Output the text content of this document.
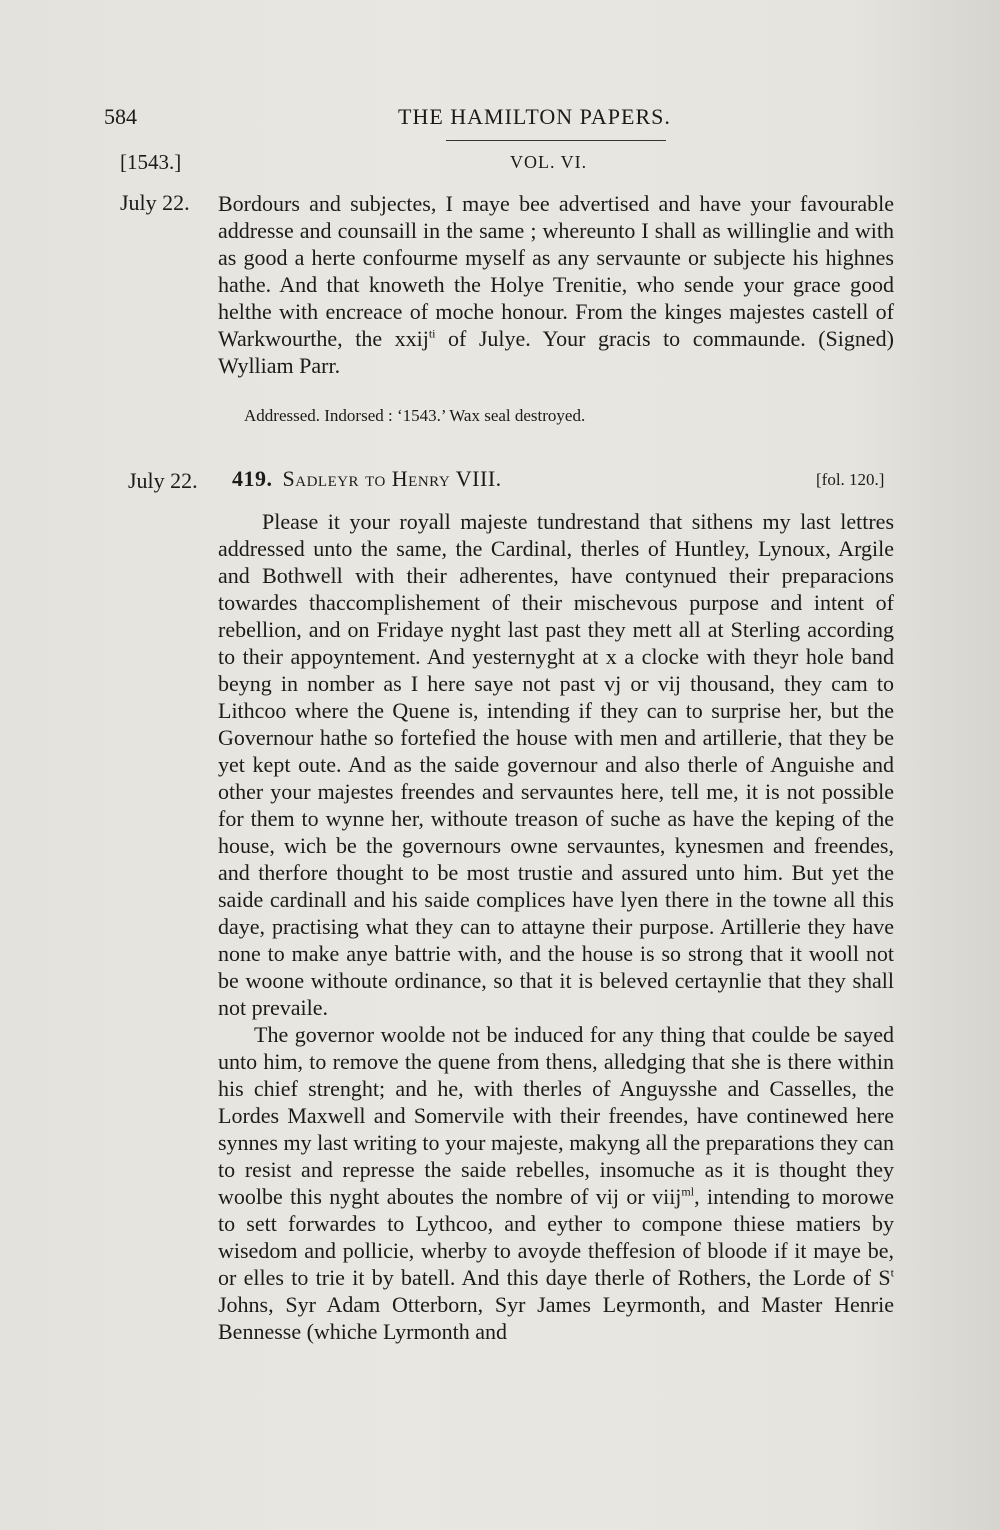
584	THE HAMILTON PAPERS.
[1543.]	VOL. VI.
July 22. Bordours and subjectes, I maye bee advertised and have your favourable addresse and counsaill in the same ; whereunto I shall as willinglie and with as good a herte confourme myself as any servaunte or subjecte his highnes hathe. And that knoweth the Holye Trenitie, who sende your grace good helthe with encreace of moche honour. From the kinges majestes castell of Warkwourthe, the xxij$^{ti}$ of Julye. Your gracis to commaunde. (Signed) Wylliam Parr.

Addressed. Indorsed : ‘1543.’ Wax seal destroyed.
July 22. 419. Sadleyr to Henry VIII.	[fol. 120.]

Please it your royall majeste tundrestand that sithens my last lettres addressed unto the same, the Cardinal, therles of Huntley, Lynoux, Argile and Bothwell with their adherentes, have contynued their preparacions towardes thaccomplishement of their mischevous purpose and intent of rebellion, and on Fridaye nyght last past they mett all at Sterling according to their appoyntement. And yesternyght at x a clocke with theyr hole band beyng in nomber as I here saye not past vj or vij thousand, they cam to Lithcoo where the Quene is, intending if they can to surprise her, but the Governour hathe so fortefied the house with men and artillerie, that they be yet kept oute. And as the saide governour and also therle of Anguishe and other your majestes freendes and servauntes here, tell me, it is not possible for them to wynne her, withoute treason of suche as have the keping of the house, wich be the governours owne servauntes, kynesmen and freendes, and therfore thought to be most trustie and assured unto him. But yet the saide cardinall and his saide complices have lyen there in the towne all this daye, practising what they can to attayne their purpose. Artillerie they have none to make anye battrie with, and the house is so strong that it wooll not be woone withoute ordinance, so that it is beleved certaynlie that they shall not prevaile.

The governor woolde not be induced for any thing that coulde be sayed unto him, to remove the quene from thens, alledging that she is there within his chief strenght; and he, with therles of Anguysshe and Casselles, the Lordes Maxwell and Somervile with their freendes, have continewed here synnes my last writing to your majeste, makyng all the preparations they can to resist and represse the saide rebelles, insomuche as it is thought they woolbe this nyght aboutes the nombre of vij or viij$^{ml}$, intending to morowe to sett forwardes to Lythcoo, and eyther to compone thiese matiers by wisedom and pollicie, wherby to avoyde theffesion of bloode if it maye be, or elles to trie it by batell. And this daye therle of Rothers, the Lorde of $S^t$ Johns, Syr Adam Otterborn, Syr James Leyrmonth, and Master Henrie Bennesse (whiche Lyrmonth and
